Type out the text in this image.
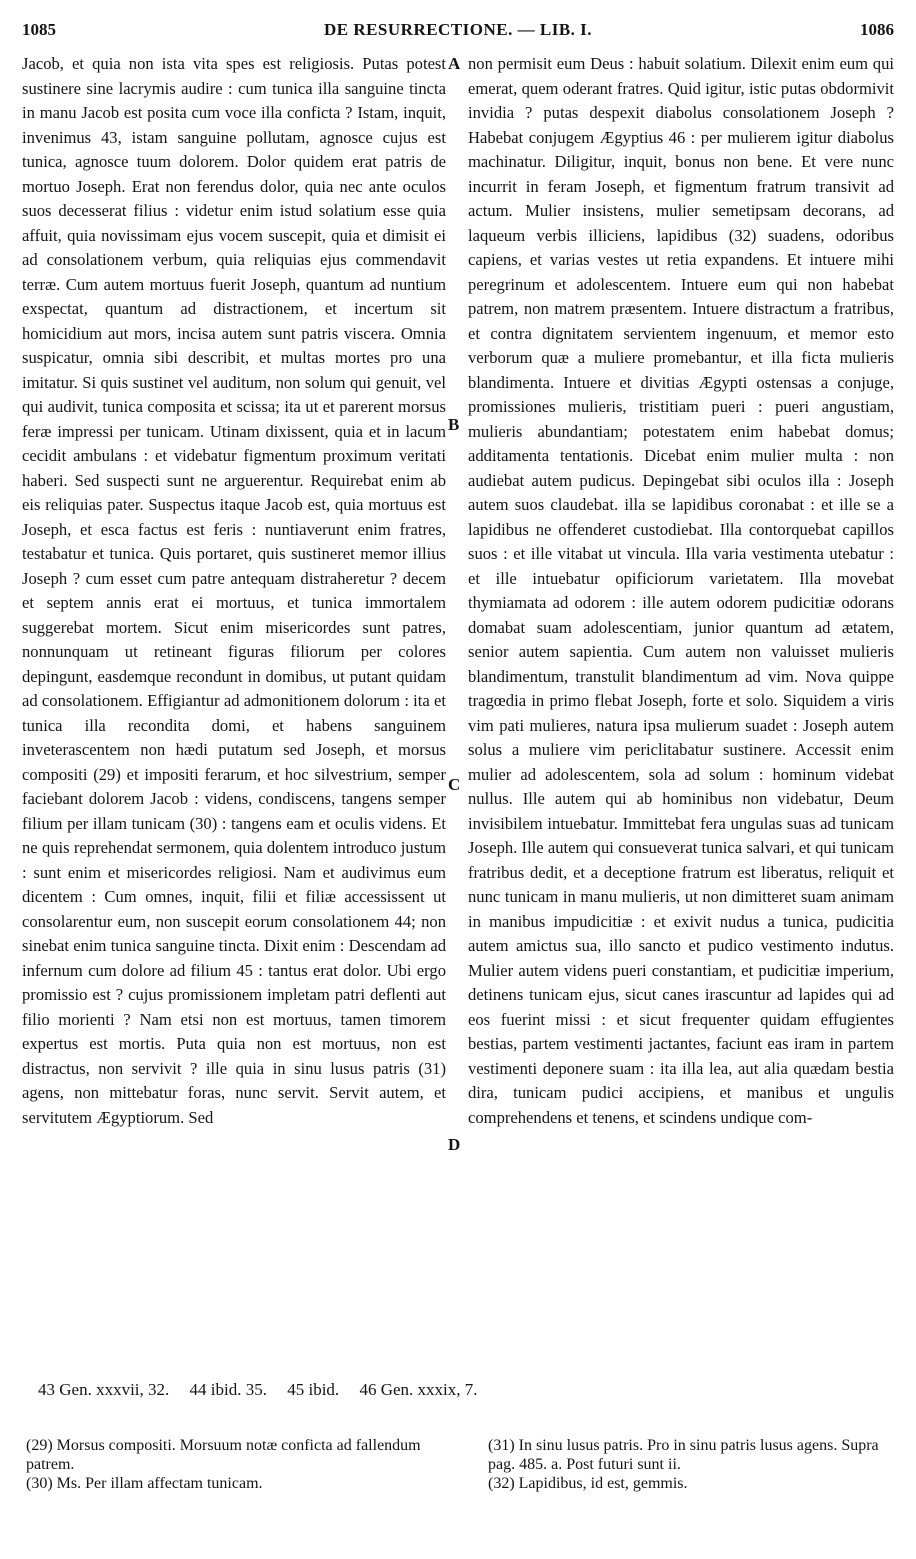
1085	DE RESURRECTIONE. — LIB. I.	1086

Jacob, et quia non ista vita spes est religiosis. Putas potest sustinere sine lacrymis audire : cum tunica illa sanguine tincta in manu Jacob est posita cum voce illa conficta ? Istam, inquit, invenimus 43, istam sanguine pollutam, agnosce cujus est tunica, agnosce tuum dolorem. Dolor quidem erat patris de mortuo Joseph. Erat non ferendus dolor, quia nec ante oculos suos decesserat filius : videtur enim istud solatium esse quia affuit, quia novissimam ejus vocem suscepit, quia et dimisit ei ad consolationem verbum, quia reliquias ejus commendavit terræ. Cum autem mortuus fuerit Joseph, quantum ad nuntium exspectat, quantum ad distractionem, et incertum sit homicidium aut mors, incisa autem sunt patris viscera. Omnia suspicatur, omnia sibi describit, et multas mortes pro una imitatur. Si quis sustinet vel auditum, non solum qui genuit, vel qui audivit, tunica composita et scissa; ita ut et parerent morsus feræ impressi per tunicam. Utinam dixissent, quia et in lacum cecidit ambulans : et videbatur figmentum proximum veritati haberi. Sed suspecti sunt ne arguerentur. Requirebat enim ab eis reliquias pater. Suspectus itaque Jacob est, quia mortuus est Joseph, et esca factus est feris : nuntiaverunt enim fratres, testabatur et tunica. Quis portaret, quis sustineret memor illius Joseph ? cum esset cum patre antequam distraheretur ? decem et septem annis erat ei mortuus, et tunica immortalem suggerebat mortem. Sicut enim misericordes sunt patres, nonnunquam ut retineant figuras filiorum per colores depingunt, easdemque recondunt in domibus, ut putant quidam ad consolationem. Effigiantur ad admonitionem dolorum : ita et tunica illa recondita domi, et habens sanguinem inveterascentem non hædi putatum sed Joseph, et morsus compositi (29) et impositi ferarum, et hoc silvestrium, semper faciebant dolorem Jacob : videns, condiscens, tangens semper filium per illam tunicam (30) : tangens eam et oculis videns. Et ne quis reprehendat sermonem, quia dolentem introduco justum : sunt enim et misericordes religiosi. Nam et audivimus eum dicentem : Cum omnes, inquit, filii et filiæ accessissent ut consolarentur eum, non suscepit eorum consolationem 44; non sinebat enim tunica sanguine tincta. Dixit enim : Descendam ad infernum cum dolore ad filium 45 : tantus erat dolor. Ubi ergo promissio est ? cujus promissionem impletam patri deflenti aut filio morienti ? Nam etsi non est mortuus, tamen timorem expertus est mortis. Puta quia non est mortuus, non est distractus, non servivit ? ille quia in sinu lusus patris (31) agens, non mittebatur foras, nunc servit. Servit autem, et servitutem Ægyptiorum. Sed

A
B
C
D

non permisit eum Deus : habuit solatium. Dilexit enim eum qui emerat, quem oderant fratres. Quid igitur, istic putas obdormivit invidia ? putas despexit diabolus consolationem Joseph ? Habebat conjugem Ægyptius 46 : per mulierem igitur diabolus machinatur. Diligitur, inquit, bonus non bene. Et vere nunc incurrit in feram Joseph, et figmentum fratrum transivit ad actum. Mulier insistens, mulier semetipsam decorans, ad laqueum verbis illiciens, lapidibus (32) suadens, odoribus capiens, et varias vestes ut retia expandens. Et intuere mihi peregrinum et adolescentem. Intuere eum qui non habebat patrem, non matrem præsentem. Intuere distractum a fratribus, et contra dignitatem servientem ingenuum, et memor esto verborum quæ a muliere promebantur, et illa ficta mulieris blandimenta. Intuere et divitias Ægypti ostensas a conjuge, promissiones mulieris, tristitiam pueri : pueri angustiam, mulieris abundantiam; potestatem enim habebat domus; additamenta tentationis. Dicebat enim mulier multa : non audiebat autem pudicus. Depingebat sibi oculos illa : Joseph autem suos claudebat. illa se lapidibus coronabat : et ille se a lapidibus ne offenderet custodiebat. Illa contorquebat capillos suos : et ille vitabat ut vincula. Illa varia vestimenta utebatur : et ille intuebatur opificiorum varietatem. Illa movebat thymiamata ad odorem : ille autem odorem pudicitiæ odorans domabat suam adolescentiam, junior quantum ad ætatem, senior autem sapientia. Cum autem non valuisset mulieris blandimentum, transtulit blandimentum ad vim. Nova quippe tragœdia in primo flebat Joseph, forte et solo. Siquidem a viris vim pati mulieres, natura ipsa mulierum suadet : Joseph autem solus a muliere vim periclitabatur sustinere. Accessit enim mulier ad adolescentem, sola ad solum : hominum videbat nullus. Ille autem qui ab hominibus non videbatur, Deum invisibilem intuebatur. Immittebat fera ungulas suas ad tunicam Joseph. Ille autem qui consueverat tunica salvari, et qui tunicam fratribus dedit, et a deceptione fratrum est liberatus, reliquit et nunc tunicam in manu mulieris, ut non dimitteret suam animam in manibus impudicitiæ : et exivit nudus a tunica, pudicitia autem amictus sua, illo sancto et pudico vestimento indutus. Mulier autem videns pueri constantiam, et pudicitiæ imperium, detinens tunicam ejus, sicut canes irascuntur ad lapides qui ad eos fuerint missi : et sicut frequenter quidam effugientes bestias, partem vestimenti jactantes, faciunt eas iram in partem vestimenti deponere suam : ita illa lea, aut alia quædam bestia dira, tunicam pudici accipiens, et manibus et ungulis comprehendens et tenens, et scindens undique com-

43 Gen. xxxvii, 32. 44 ibid. 35. 45 ibid. 46 Gen. xxxix, 7.

(29) Morsus compositi. Morsuum notæ conficta ad fallendum patrem.

(30) Ms. Per illam affectam tunicam.

(31) In sinu lusus patris. Pro in sinu patris lusus agens. Supra pag. 485. a. Post futuri sunt ii.

(32) Lapidibus, id est, gemmis.
